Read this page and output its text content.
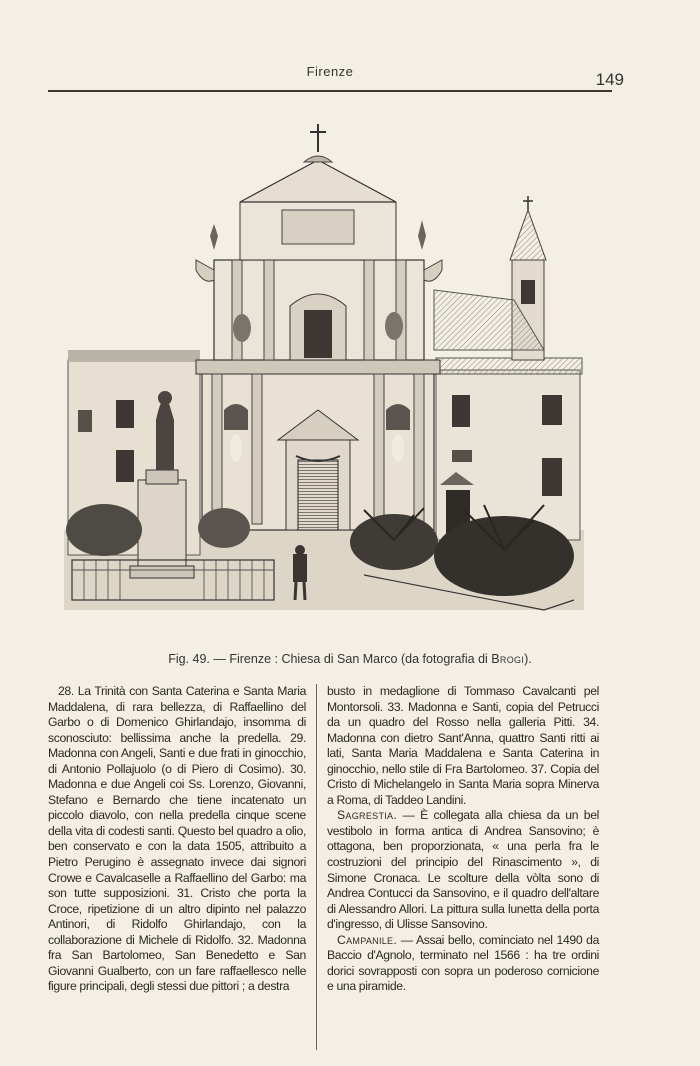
Firenze	149
Fig. 49. — Firenze : Chiesa di San Marco (da fotografia di Brogi).

28. La Trinità con Santa Caterina e Santa Maria Maddalena, di rara bellezza, di Raffaellino del Garbo o di Domenico Ghirlandajo, insomma di sconosciuto: bellissima anche la predella. 29. Madonna con Angeli, Santi e due frati in ginocchio, di Antonio Pollajuolo (o di Piero di Cosimo). 30. Madonna e due Angeli coi Ss. Lorenzo, Giovanni, Stefano e Bernardo che tiene incatenato un piccolo diavolo, con nella predella cinque scene della vita di codesti santi. Questo bel quadro a olio, ben conservato e con la data 1505, attribuito a Pietro Perugino è assegnato invece dai signori Crowe e Cavalcaselle a Raffaellino del Garbo: ma son tutte supposizioni. 31. Cristo che porta la Croce, ripetizione di un altro dipinto nel palazzo Antinori, di Ridolfo Ghirlandajo, con la collaborazione di Michele di Ridolfo. 32. Madonna fra San Bartolomeo, San Benedetto e San Giovanni Gualberto, con un fare raffaellesco nelle figure principali, degli stessi due pittori ; a destra

busto in medaglione di Tommaso Cavalcanti pel Montorsoli. 33. Madonna e Santi, copia del Petrucci da un quadro del Rosso nella galleria Pitti. 34. Madonna con dietro Sant'Anna, quattro Santi ritti ai lati, Santa Maria Maddalena e Santa Caterina in ginocchio, nello stile di Fra Bartolomeo. 37. Copia del Cristo di Michelangelo in Santa Maria sopra Minerva a Roma, di Taddeo Landini.

Sagrestia. — È collegata alla chiesa da un bel vestibolo in forma antica di Andrea Sansovino; è ottagona, ben proporzionata, « una perla fra le costruzioni del principio del Rinascimento », di Simone Cronaca. Le scolture della vòlta sono di Andrea Contucci da Sansovino, e il quadro dell'altare di Alessandro Allori. La pittura sulla lunetta della porta d'ingresso, di Ulisse Sansovino.

Campanile. — Assai bello, cominciato nel 1490 da Baccio d'Agnolo, terminato nel 1566 : ha tre ordini dorici sovrapposti con sopra un poderoso cornicione e una piramide.
